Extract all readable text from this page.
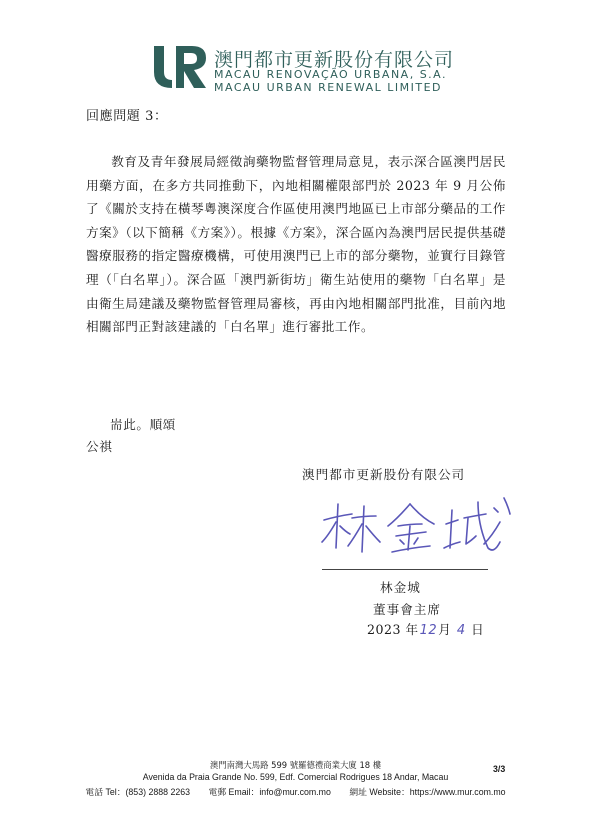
澳門都市更新股份有限公司
MACAU RENOVAÇÃO URBANA, S.A.
MACAU URBAN RENEWAL LIMITED
回應問題 3：

教育及青年發展局經徵詢藥物監督管理局意見，表示深合區澳門居民用藥方面，在多方共同推動下，內地相關權限部門於 2023 年 9 月公佈了《關於支持在橫琴粵澳深度合作區使用澳門地區已上市部分藥品的工作方案》（以下簡稱《方案》）。根據《方案》，深合區內為澳門居民提供基礎醫療服務的指定醫療機構，可使用澳門已上市的部分藥物，並實行目錄管理（「白名單」）。深合區「澳門新街坊」衛生站使用的藥物「白名單」是由衛生局建議及藥物監督管理局審核，再由內地相關部門批准，目前內地相關部門正對該建議的「白名單」進行審批工作。

耑此。順頌
公祺
澳門都市更新股份有限公司
林金城
董事會主席
2023 年12月 4 日
澳門南灣大馬路 599 號羅德禮商業大廈 18 樓
Avenida da Praia Grande No. 599, Edf. Comercial Rodrigues 18 Andar, Macau
電話 Tel：(853) 2888 2263 電郵 Email：info@mur.com.mo 網址 Website：https://www.mur.com.mo
3/3
